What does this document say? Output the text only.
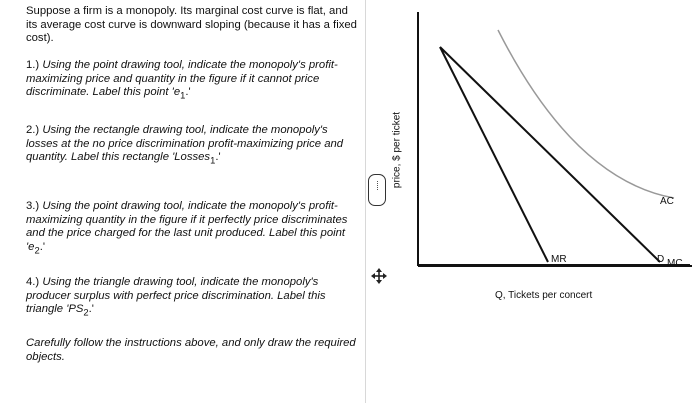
Suppose a firm is a monopoly. Its marginal cost curve is flat, and its average cost curve is downward sloping (because it has a fixed cost).
1.) Using the point drawing tool, indicate the monopoly's profit-maximizing price and quantity in the figure if it cannot price discriminate. Label this point '$e_1$.'
2.) Using the rectangle drawing tool, indicate the monopoly's losses at the no price discrimination profit-maximizing price and quantity. Label this rectangle 'Losses$_1$.'
3.) Using the point drawing tool, indicate the monopoly's profit-maximizing quantity in the figure if it perfectly price discriminates and the price charged for the last unit produced. Label this point '$e_2$.'
4.) Using the triangle drawing tool, indicate the monopoly's producer surplus with perfect price discrimination. Label this triangle '$PS_2$.'
Carefully follow the instructions above, and only draw the required objects.
····· price, $ per ticket
Q, Tickets per concert
AC
MR	D MC
